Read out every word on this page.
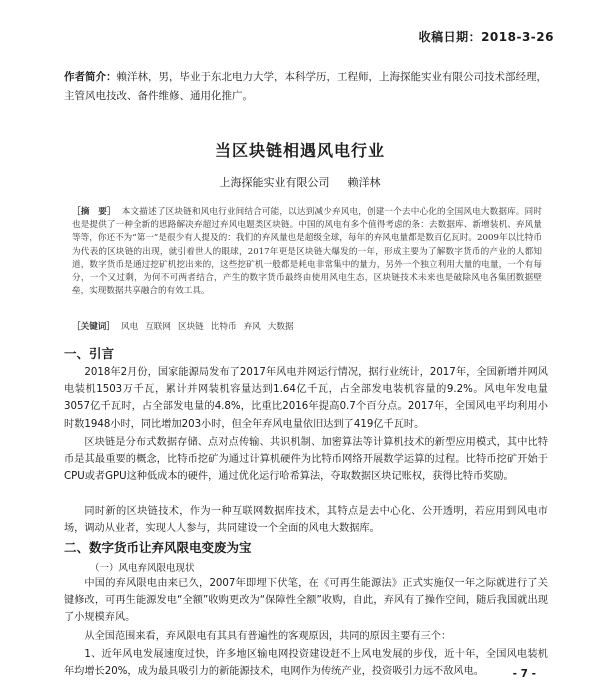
收稿日期：2018-3-26
作者简介：赖洋林，男，毕业于东北电力大学，本科学历，工程师，上海探能实业有限公司技术部经理，主管风电技改、备件维修、通用化推广。
当区块链相遇风电行业
上海探能实业有限公司 赖洋林
［摘　要］ 本文描述了区块链和风电行业间结合可能，以达到减少弃风电，创建一个去中心化的全国风电大数据库。同时也是提供了一种全新的思路解决弃超过弃风电题类区块链。中国的风电有多个值得考虑的条：去数据库、新增装机、弃风量等等，你还不为“第一”是很少有人提及的：我们的弃风量也是超级全球，每年的弃风电量都是数百亿瓦时。2009年以比特币为代表的区块链的出现，就引着世人的眼球，2017年更是区块链大爆发的一年，形成主要为了解数字货币的产业的人都知道，数字货币是通过挖矿机挖出来的，这些挖矿机一般都是耗电非常集中的量力，另外一个独立利用大量的电量，一个有每分，一个又过剩，为何不可两者结合，产生的数字货币最终由使用风电生态，区块链技术未来也是破除风电各集团数据壁垒，实现数据共享融合的有效工具。
［关键词］ 风电 互联网 区块链 比特币 弃风 大数据
一、引言
2018年2月份，国家能源局发布了2017年风电并网运行情况，据行业统计，2017年，全国新增并网风电装机1503万千瓦，累计并网装机容量达到1.64亿千瓦，占全部发电装机容量的9.2%。风电年发电量3057亿千瓦时，占全部发电量的4.8%，比重比2016年提高0.7个百分点。2017年，全国风电平均利用小时数1948小时，同比增加203小时，但全年弃风电量依旧达到了419亿千瓦时。
区块链是分布式数据存储、点对点传输、共识机制、加密算法等计算机技术的新型应用模式，其中比特币是其最重要的概念，比特币挖矿为通过计算机硬件为比特币网络开展数学运算的过程。比特币挖矿开始于CPU或者GPU这种低成本的硬件，通过优化运行哈希算法，夺取数据区块记账权，获得比特币奖励。
同时新的区块链技术，作为一种互联网数据库技术，其特点是去中心化、公开透明，若应用到风电市场，调动从业者，实现人人参与，共同建设一个全面的风电大数据库。
二、数字货币让弃风限电变废为宝
（一）风电弃风限电现状
中国的弃风限电由来已久，2007年即埋下伏笔，在《可再生能源法》正式实施仅一年之际就进行了关键修改，可再生能源发电“全额”收购更改为“保障性全额”收购，自此，弃风有了操作空间，随后我国就出现了小规模弃风。
从全国范围来看，弃风限电有其具有普遍性的客观原因，共同的原因主要有三个：
1、近年风电发展速度过快，许多地区输电网投资建设赶不上风电发展的步伐，近十年，全国风电装机年均增长20%，成为最具吸引力的新能源技术，电网作为传统产业，投资吸引力远不敌风电。	- 7 -
